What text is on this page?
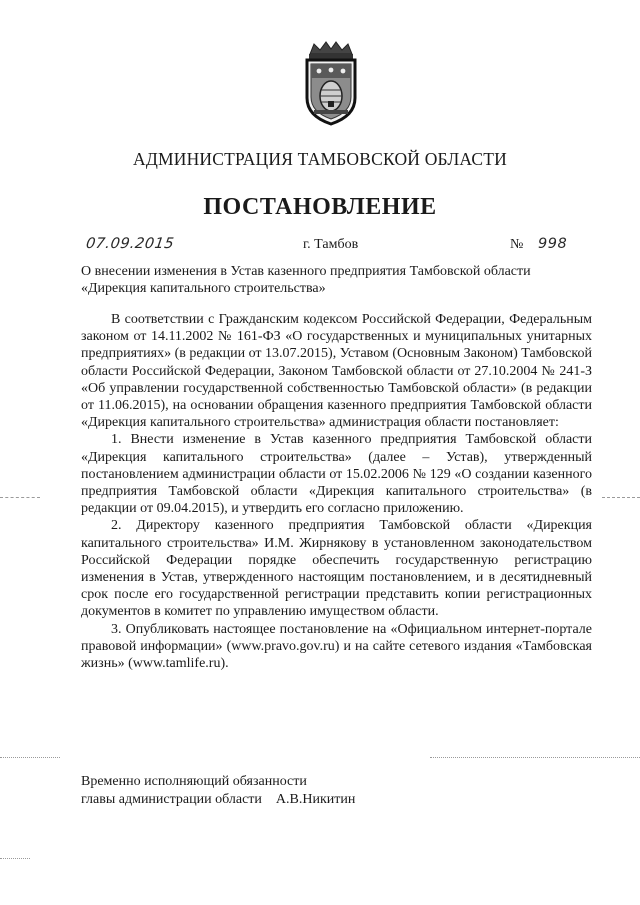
АДМИНИСТРАЦИЯ ТАМБОВСКОЙ ОБЛАСТИ
ПОСТАНОВЛЕНИЕ
07.09.2015	г. Тамбов	№ 998
О внесении изменения в Устав казенного предприятия Тамбовской области
«Дирекция капитального строительства»

В соответствии с Гражданским кодексом Российской Федерации, Федеральным законом от 14.11.2002 № 161-ФЗ «О государственных и муниципальных унитарных предприятиях» (в редакции от 13.07.2015), Уставом (Основным Законом) Тамбовской области Российской Федерации, Законом Тамбовской области от 27.10.2004 № 241-З «Об управлении государственной собственностью Тамбовской области» (в редакции от 11.06.2015), на основании обращения казенного предприятия Тамбовской области «Дирекция капитального строительства» администрация области постановляет:

1. Внести изменение в Устав казенного предприятия Тамбовской области «Дирекция капитального строительства» (далее – Устав), утвержденный постановлением администрации области от 15.02.2006 № 129 «О создании казенного предприятия Тамбовской области «Дирекция капитального строительства» (в редакции от 09.04.2015), и утвердить его согласно приложению.

2. Директору казенного предприятия Тамбовской области «Дирекция капитального строительства» И.М. Жирнякову в установленном законодательством Российской Федерации порядке обеспечить государственную регистрацию изменения в Устав, утвержденного настоящим постановлением, и в десятидневный срок после его государственной регистрации представить копии регистрационных документов в комитет по управлению имуществом области.

3. Опубликовать настоящее постановление на «Официальном интернет-портале правовой информации» (www.pravo.gov.ru) и на сайте сетевого издания «Тамбовская жизнь» (www.tamlife.ru).

Временно исполняющий обязанности
главы администрации области А.В.Никитин
